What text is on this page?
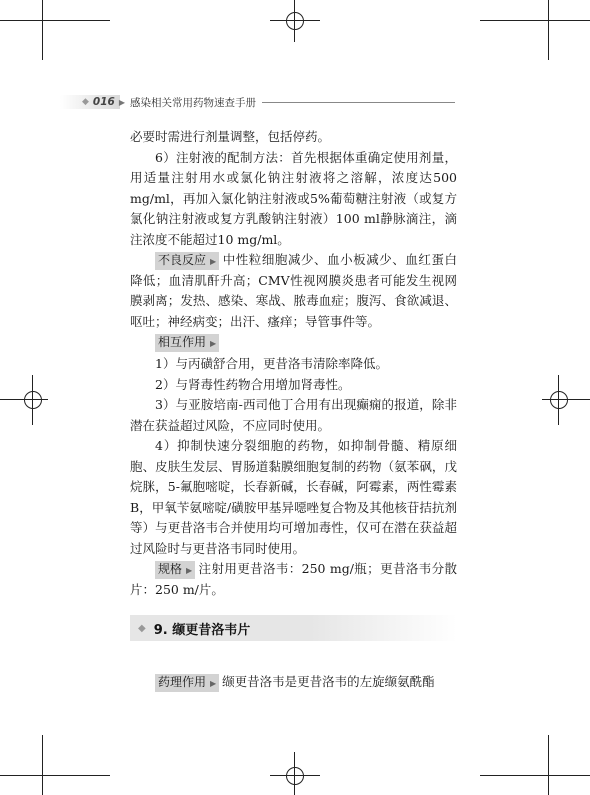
◆ 016 ▶ 感染相关常用药物速查手册

必要时需进行剂量调整，包括停药。

6）注射液的配制方法：首先根据体重确定使用剂量，用适量注射用水或氯化钠注射液将之溶解，浓度达500 mg/ml，再加入氯化钠注射液或5%葡萄糖注射液（或复方氯化钠注射液或复方乳酸钠注射液）100 ml静脉滴注，滴注浓度不能超过10 mg/ml。

不良反应 ▶ 中性粒细胞减少、血小板减少、血红蛋白降低；血清肌酐升高；CMV性视网膜炎患者可能发生视网膜剥离；发热、感染、寒战、脓毒血症；腹泻、食欲减退、呕吐；神经病变；出汗、瘙痒；导管事件等。

相互作用 ▶

1）与丙磺舒合用，更昔洛韦清除率降低。

2）与肾毒性药物合用增加肾毒性。

3）与亚胺培南-西司他丁合用有出现癫痫的报道，除非潜在获益超过风险，不应同时使用。

4）抑制快速分裂细胞的药物，如抑制骨髓、精原细胞、皮肤生发层、胃肠道黏膜细胞复制的药物（氨苯砜，戊烷脒，5-氟胞嘧啶，长春新碱，长春碱，阿霉素，两性霉素B，甲氧苄氨嘧啶/磺胺甲基异噁唑复合物及其他核苷拮抗剂等）与更昔洛韦合并使用均可增加毒性，仅可在潜在获益超过风险时与更昔洛韦同时使用。

规格 ▶ 注射用更昔洛韦：250 mg/瓶；更昔洛韦分散片：250 m/片。

◆ 9. 缬更昔洛韦片

药理作用 ▶ 缬更昔洛韦是更昔洛韦的左旋缬氨酰酯
